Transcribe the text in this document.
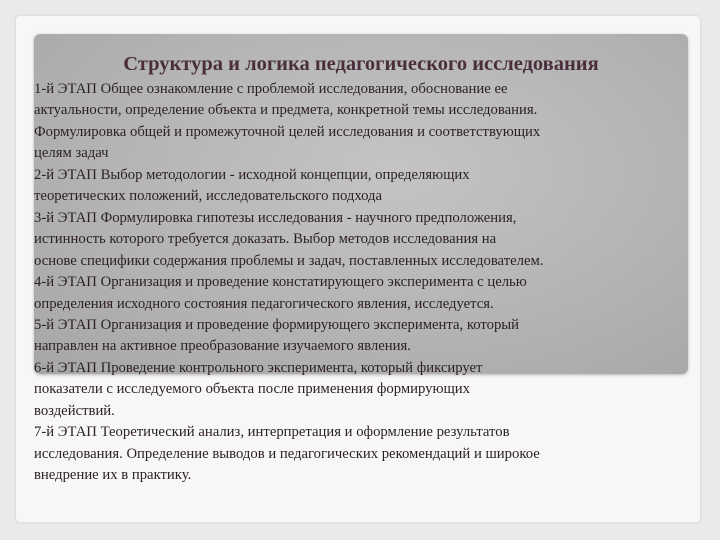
Структура и логика педагогического исследования
1-й ЭТАП Общее ознакомление с проблемой исследования, обоснование ее
актуальности, определение объекта и предмета, конкретной темы исследования.
Формулировка общей и промежуточной целей исследования и соответствующих
целям задач
2-й ЭТАП Выбор методологии - исходной концепции, определяющих
теоретических положений, исследовательского подхода
3-й ЭТАП Формулировка гипотезы исследования - научного предположения,
истинность которого требуется доказать. Выбор методов исследования на
основе специфики содержания проблемы и задач, поставленных исследователем.
4-й ЭТАП Организация и проведение констатирующего эксперимента с целью
определения исходного состояния педагогического явления, исследуется.
5-й ЭТАП Организация и проведение формирующего эксперимента, который
направлен на активное преобразование изучаемого явления.
6-й ЭТАП Проведение контрольного эксперимента, который фиксирует
показатели с исследуемого объекта после применения формирующих
воздействий.
7-й ЭТАП Теоретический анализ, интерпретация и оформление результатов
исследования. Определение выводов и педагогических рекомендаций и широкое
внедрение их в практику.
